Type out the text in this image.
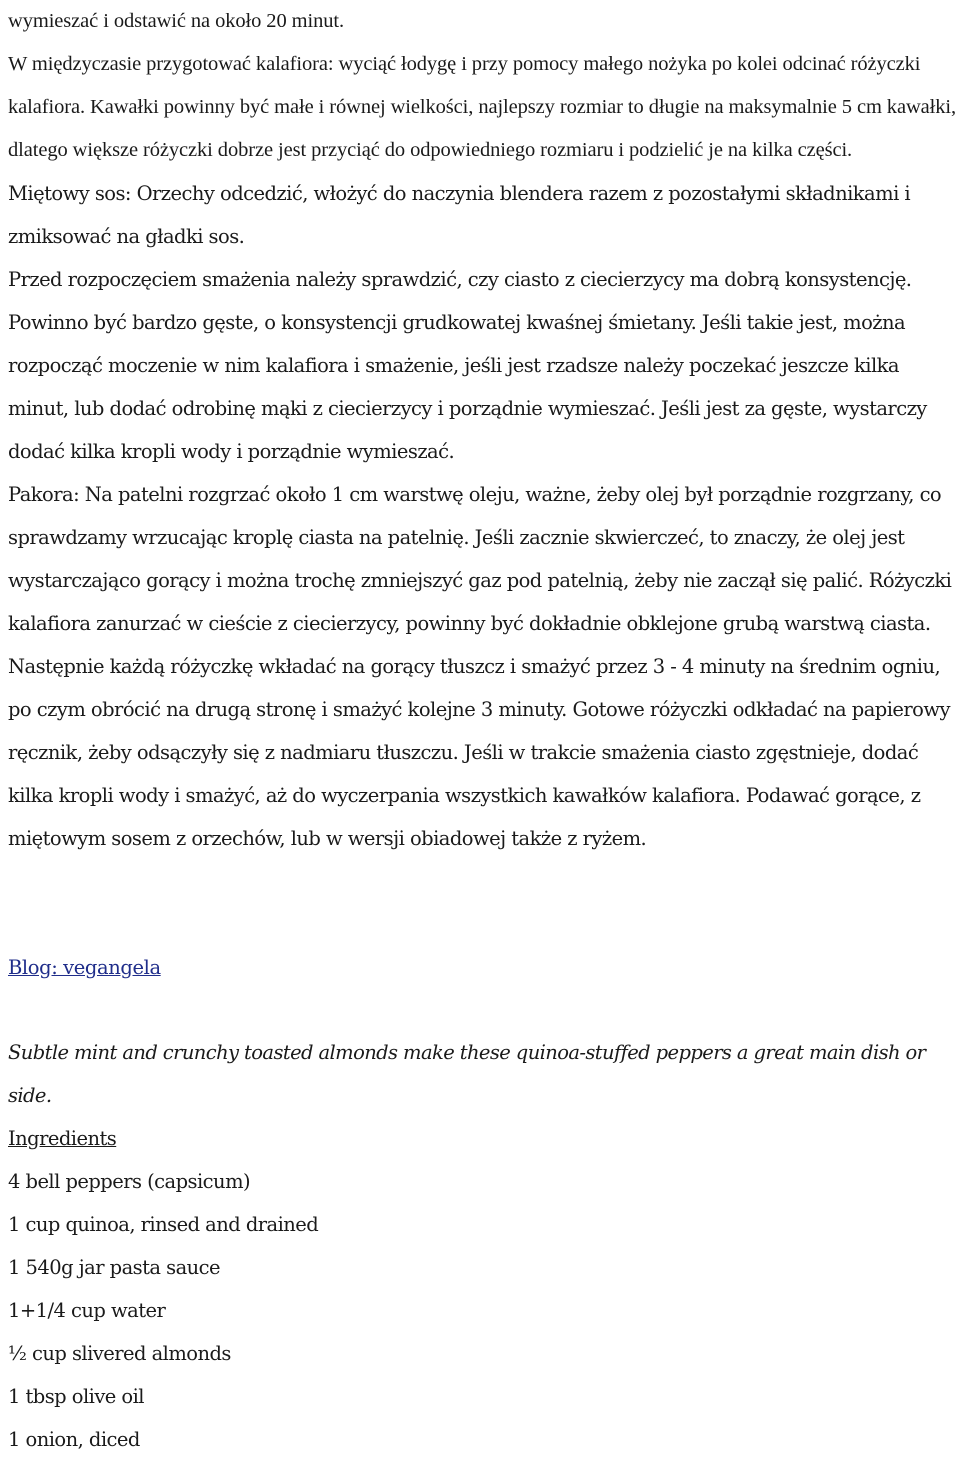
wymieszać i odstawić na około 20 minut.

W międzyczasie przygotować kalafiora: wyciąć łodygę i przy pomocy małego nożyka po kolei odcinać różyczki kalafiora. Kawałki powinny być małe i równej wielkości, najlepszy rozmiar to długie na maksymalnie 5 cm kawałki, dlatego większe różyczki dobrze jest przyciąć do odpowiedniego rozmiaru i podzielić je na kilka części.

Miętowy sos: Orzechy odcedzić, włożyć do naczynia blendera razem z pozostałymi składnikami i zmiksować na gładki sos.

Przed rozpoczęciem smażenia należy sprawdzić, czy ciasto z ciecierzycy ma dobrą konsystencję. Powinno być bardzo gęste, o konsystencji grudkowatej kwaśnej śmietany. Jeśli takie jest, można rozpocząć moczenie w nim kalafiora i smażenie, jeśli jest rzadsze należy poczekać jeszcze kilka minut, lub dodać odrobinę mąki z ciecierzycy i porządnie wymieszać. Jeśli jest za gęste, wystarczy dodać kilka kropli wody i porządnie wymieszać.

Pakora: Na patelni rozgrzać około 1 cm warstwę oleju, ważne, żeby olej był porządnie rozgrzany, co sprawdzamy wrzucając kroplę ciasta na patelnię. Jeśli zacznie skwierczeć, to znaczy, że olej jest wystarczająco gorący i można trochę zmniejszyć gaz pod patelnią, żeby nie zaczął się palić. Różyczki kalafiora zanurzać w cieście z ciecierzycy, powinny być dokładnie obklejone grubą warstwą ciasta. Następnie każdą różyczkę wkładać na gorący tłuszcz i smażyć przez 3 - 4 minuty na średnim ogniu, po czym obrócić na drugą stronę i smażyć kolejne 3 minuty. Gotowe różyczki odkładać na papierowy ręcznik, żeby odsączyły się z nadmiaru tłuszczu. Jeśli w trakcie smażenia ciasto zgęstnieje, dodać kilka kropli wody i smażyć, aż do wyczerpania wszystkich kawałków kalafiora. Podawać gorące, z miętowym sosem z orzechów, lub w wersji obiadowej także z ryżem.

Blog: vegangela

Subtle mint and crunchy toasted almonds make these quinoa-stuffed peppers a great main dish or side.

Ingredients

4 bell peppers (capsicum)

1 cup quinoa, rinsed and drained

1 540g jar pasta sauce

1+1/4 cup water

½ cup slivered almonds

1 tbsp olive oil

1 onion, diced
